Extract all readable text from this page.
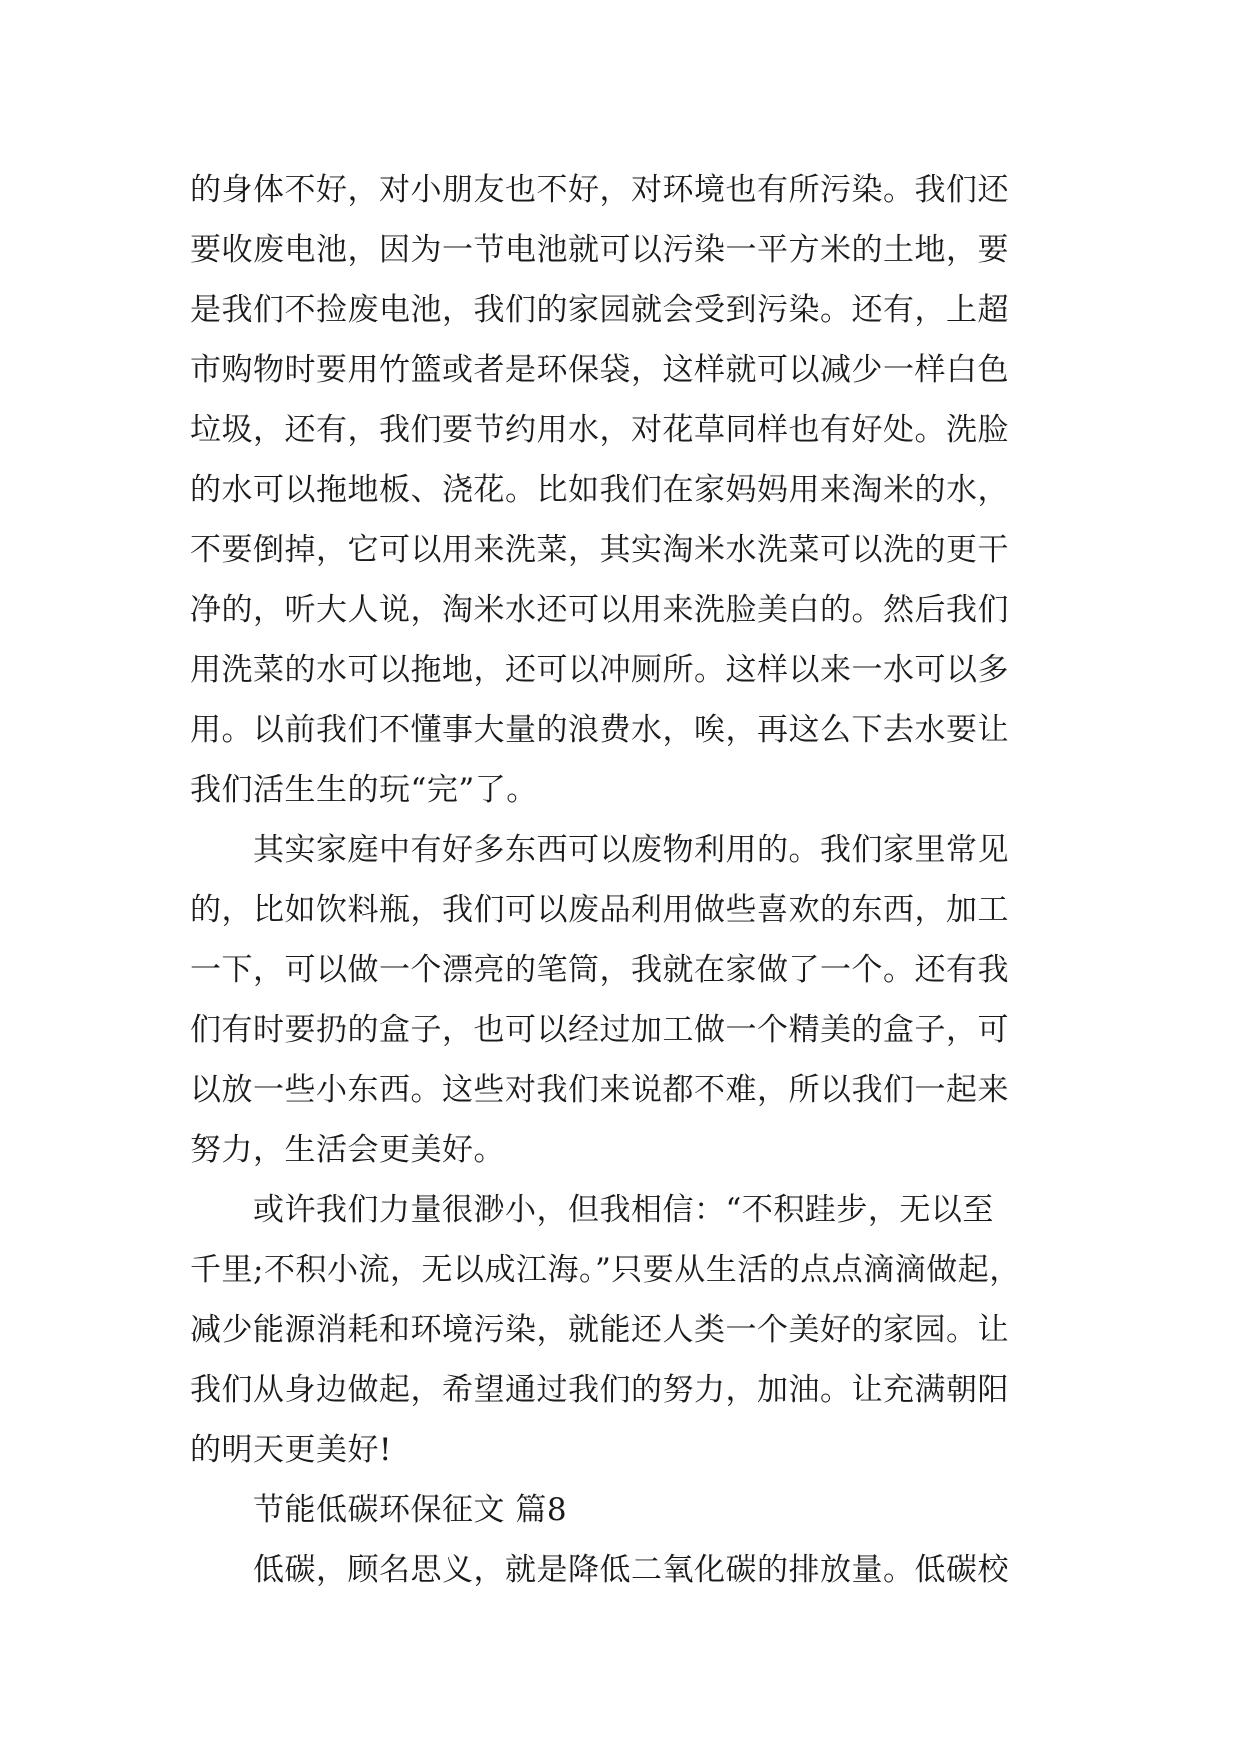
的身体不好，对小朋友也不好，对环境也有所污染。我们还
要收废电池，因为一节电池就可以污染一平方米的土地，要
是我们不捡废电池，我们的家园就会受到污染。还有，上超
市购物时要用竹篮或者是环保袋，这样就可以减少一样白色
垃圾，还有，我们要节约用水，对花草同样也有好处。洗脸
的水可以拖地板、浇花。比如我们在家妈妈用来淘米的水，
不要倒掉，它可以用来洗菜，其实淘米水洗菜可以洗的更干
净的，听大人说，淘米水还可以用来洗脸美白的。然后我们
用洗菜的水可以拖地，还可以冲厕所。这样以来一水可以多
用。以前我们不懂事大量的浪费水，唉，再这么下去水要让
我们活生生的玩“完”了。
　　其实家庭中有好多东西可以废物利用的。我们家里常见
的，比如饮料瓶，我们可以废品利用做些喜欢的东西，加工
一下，可以做一个漂亮的笔筒，我就在家做了一个。还有我
们有时要扔的盒子，也可以经过加工做一个精美的盒子，可
以放一些小东西。这些对我们来说都不难，所以我们一起来
努力，生活会更美好。
　　或许我们力量很渺小，但我相信：“不积跬步，无以至
千里;不积小流，无以成江海。”只要从生活的点点滴滴做起，
减少能源消耗和环境污染，就能还人类一个美好的家园。让
我们从身边做起，希望通过我们的努力，加油。让充满朝阳
的明天更美好!
　　节能低碳环保征文 篇8
　　低碳，顾名思义，就是降低二氧化碳的排放量。低碳校
